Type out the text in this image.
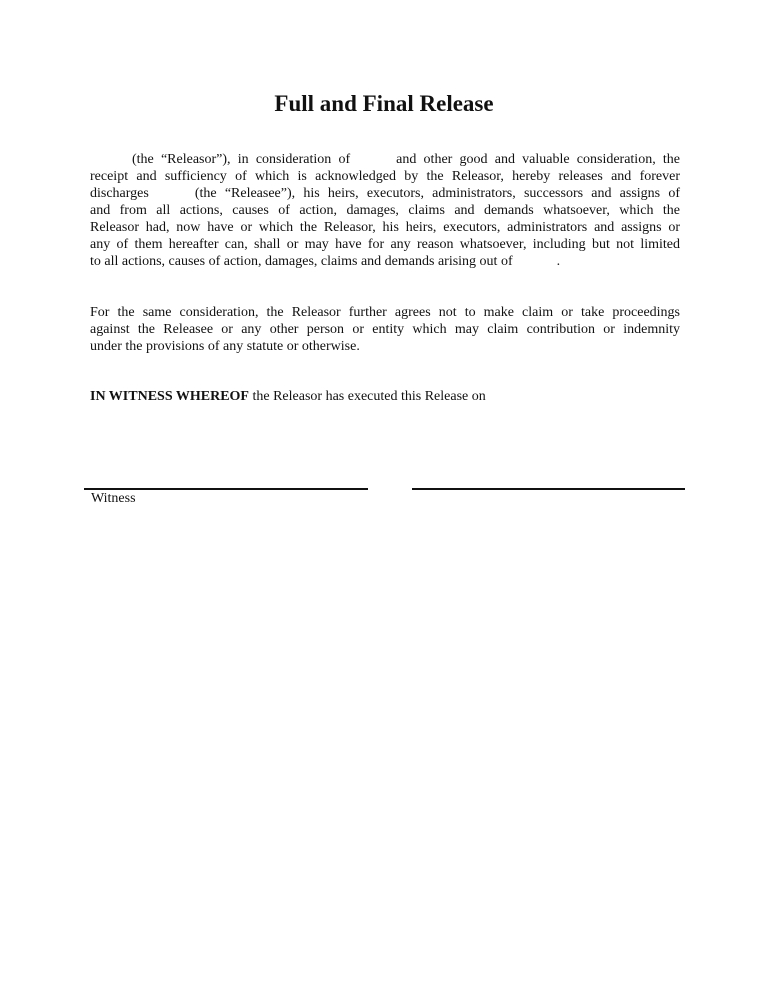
Full and Final Release
(the “Releasor”), in consideration of	and other good and valuable consideration, the
receipt and sufficiency of which is acknowledged by the Releasor, hereby releases and forever
discharges	(the “Releasee”), his heirs, executors, administrators, successors and assigns of
and from all actions, causes of action, damages, claims and demands whatsoever, which the
Releasor had, now have or which the Releasor, his heirs, executors, administrators and assigns or
any of them hereafter can, shall or may have for any reason whatsoever, including but not limited
to all actions, causes of action, damages, claims and demands arising out of	.
For the same consideration, the Releasor further agrees not to make claim or take proceedings
against the Releasee or any other person or entity which may claim contribution or indemnity
under the provisions of any statute or otherwise.
IN WITNESS WHEREOF the Releasor has executed this Release on
Witness
